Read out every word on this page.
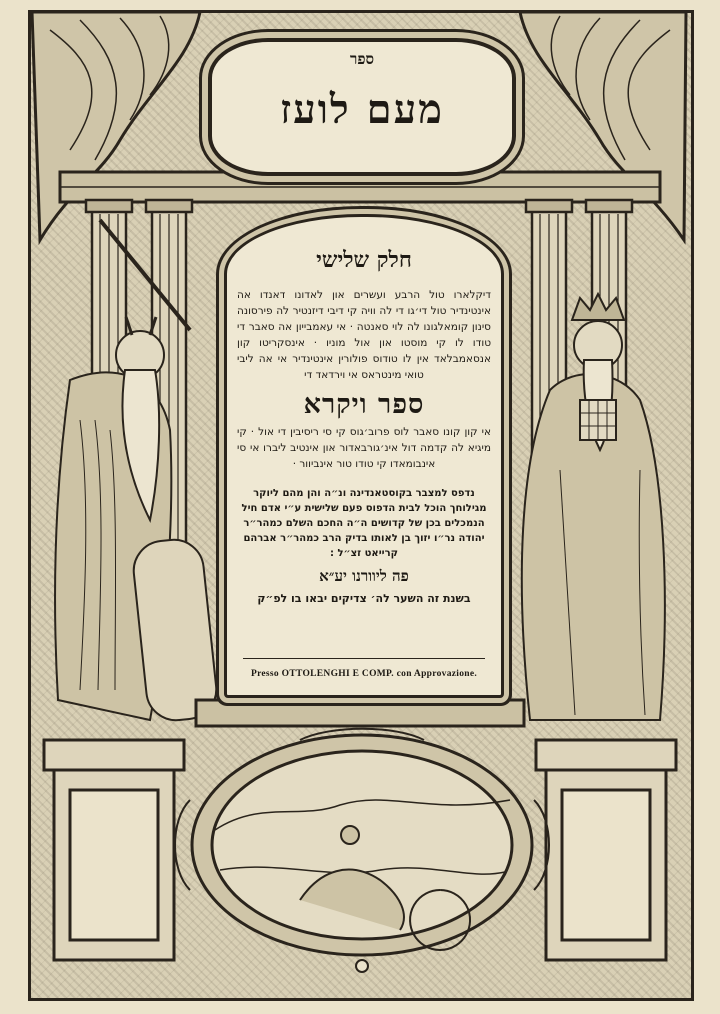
ספר
מעם לועז
חלק שלישי
דיקלארו טול הרבע ועשרים און לאדונו דאנדו אה אינטינדיר טול די׳גו די לה וויה קי דיבי דיזנטיר לה פירסונה סינון קומאלגונו לה לוי סאנטה · אי עאמבייון אה סאבר די טודו לו קי מוסטו און אול מוניו · אינסקריטו קון אנסאמבלאד אין לו טודוס פולורין אינטינדיר אי אה ליבי טואי מינטראס אי וירדאד די
ספר ויקרא
אי קון קונו סאבר לוס פרוב׳גוס קי סי ריסיבין די אול · קי מיגיא לה קדמה דול אינ׳גורבאדור און אינטיב ליברו אי סי אינבומאדו קי טודו טור אינביוור ·
נדפס למצבר בקוסטאנדינה ונ״ה והן מהם ליוקר מגילוחך הוכל לבית הדפוס פעם שלישית ע״י אדם חיל הנמכלים בכן של קדושים ה״ה החכם השלם כמהר״ר יהודה נר״ו יזוך בן לאותו בדיק הרב כמהר״ר אברהם קרייאט זצ״ל :
פה ליוורנו יע״א
בשנת זה השער לה׳ צדיקים יבאו בו לפ״ק
Presso OTTOLENGHI E COMP. con Approvazione.
